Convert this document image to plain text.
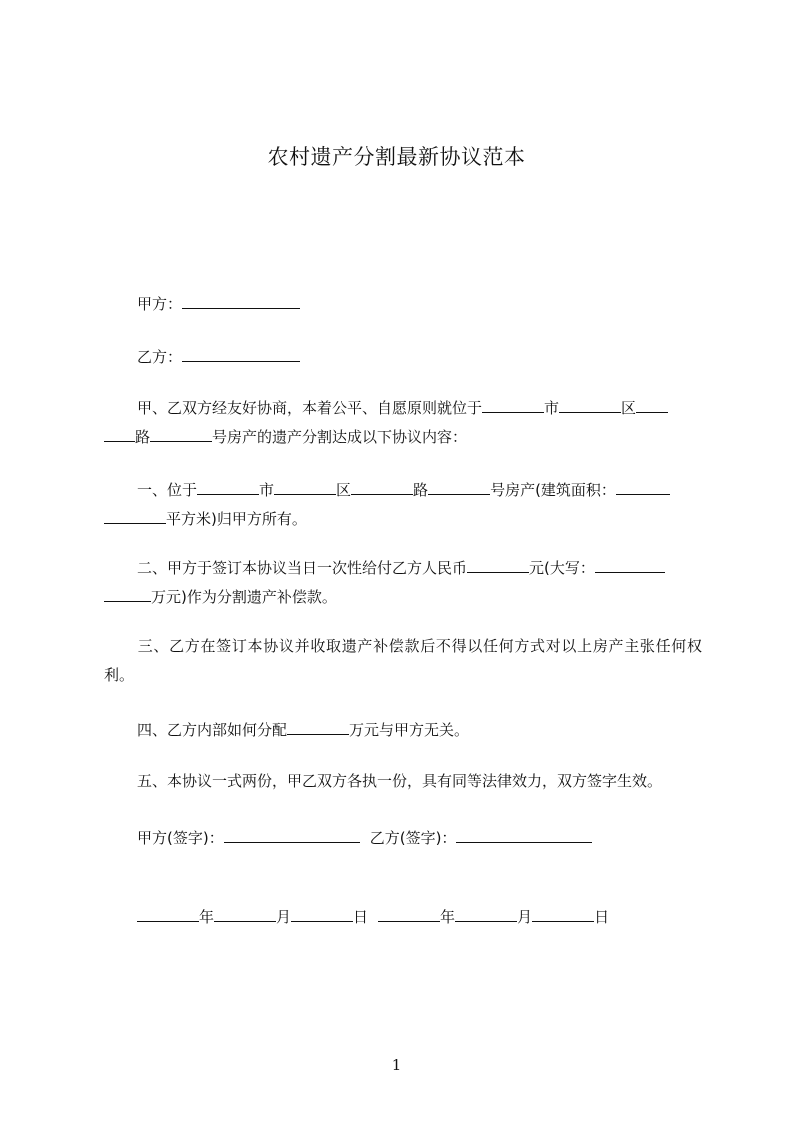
农村遗产分割最新协议范本
甲方：
乙方：
甲、乙双方经友好协商，本着公平、自愿原则就位于	市	区
路	号房产的遗产分割达成以下协议内容：
一、位于	市	区	路	号房产(建筑面积：
平方米)归甲方所有。
二、甲方于签订本协议当日一次性给付乙方人民币	元(大写：
万元)作为分割遗产补偿款。
三、乙方在签订本协议并收取遗产补偿款后不得以任何方式对以上房产主张任何权利。
四、乙方内部如何分配	万元与甲方无关。
五、本协议一式两份，甲乙双方各执一份，具有同等法律效力，双方签字生效。
甲方(签字)：	乙方(签字)：
年	月	日	年	月	日
1
